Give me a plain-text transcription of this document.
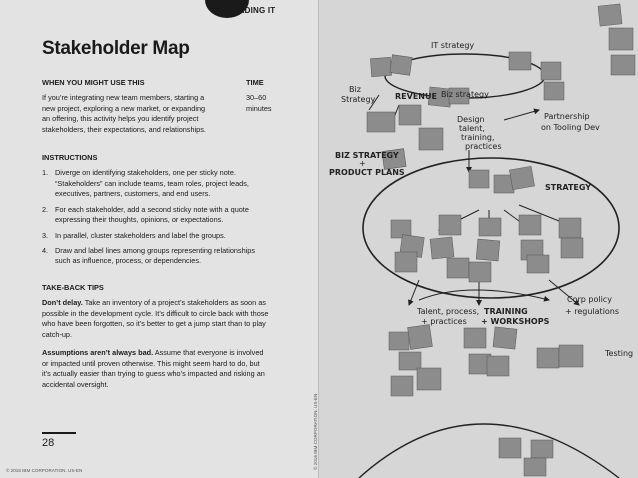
LEADING IT
Stakeholder Map
WHEN YOU MIGHT USE THIS
If you’re integrating new team members, starting a
new project, exploring a new market, or expanding
an offering, this activity helps you identify project
stakeholders, their expectations, and relationships.
TIME
30–60
minutes
INSTRUCTIONS
1. Diverge on identifying stakeholders, one per sticky note.
“Stakeholders” can include teams, team roles, project leads,
executives, partners, customers, and end users.
2. For each stakeholder, add a second sticky note with a quote
expressing their thoughts, opinions, or expectations.
3. In parallel, cluster stakeholders and label the groups.
4. Draw and label lines among groups representing relationships
such as influence, process, or dependencies.
TAKE-BACK TIPS

Don’t delay. Take an inventory of a project’s stakeholders as soon as
possible in the development cycle. It’s difficult to circle back with those
who have been forgotten, so it’s better to get a jump start than to play
catch-up.

Assumptions aren’t always bad. Assume that everyone is involved
or impacted until proven otherwise. This might seem hard to do, but
it’s actually easier than trying to guess who’s impacted and risking an
accidental oversight.

28
© 2016 IBM CORPORATION. US-EN
© 2016 IBM CORPORATION. US-EN
IT strategy
Biz
Strategy REVENUE Biz strategy
Partnership
on Tooling Dev
Design
talent,
training,
practices
BIZ STRATEGY
+
PRODUCT PLANS
STRATEGY
Talent, process,
+ practices
TRAINING
+ WORKSHOPS
Corp policy
+ regulations
Testing
